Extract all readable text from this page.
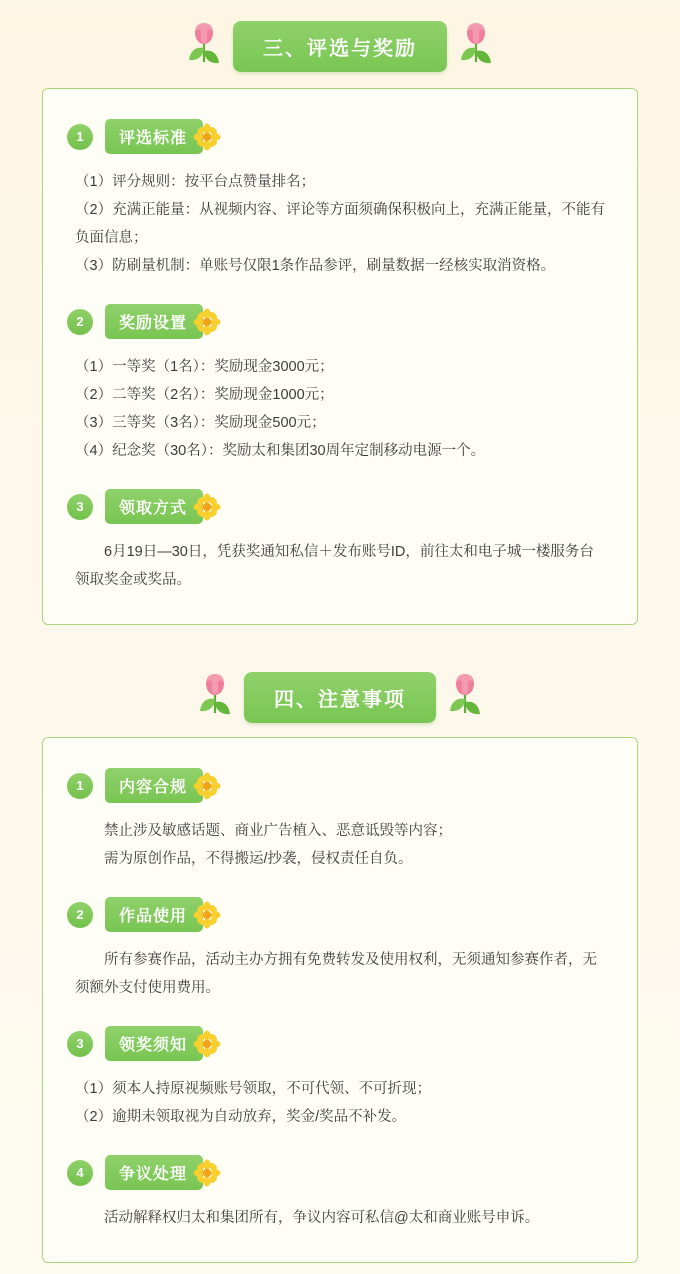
三、评选与奖励
1	评选标准

（1）评分规则：按平台点赞量排名；

（2）充满正能量：从视频内容、评论等方面须确保积极向上，充满正能量，不能有负面信息；

（3）防刷量机制：单账号仅限1条作品参评，刷量数据一经核实取消资格。

2	奖励设置

（1）一等奖（1名）：奖励现金3000元；

（2）二等奖（2名）：奖励现金1000元；

（3）三等奖（3名）：奖励现金500元；

（4）纪念奖（30名）：奖励太和集团30周年定制移动电源一个。

3	领取方式

6月19日—30日，凭获奖通知私信＋发布账号ID，前往太和电子城一楼服务台领取奖金或奖品。

四、注意事项
1	内容合规

禁止涉及敏感话题、商业广告植入、恶意诋毁等内容；

需为原创作品，不得搬运/抄袭，侵权责任自负。

2	作品使用

所有参赛作品，活动主办方拥有免费转发及使用权利，无须通知参赛作者，无须额外支付使用费用。

3	领奖须知

（1）须本人持原视频账号领取，不可代领、不可折现；

（2）逾期未领取视为自动放弃，奖金/奖品不补发。

4	争议处理

活动解释权归太和集团所有，争议内容可私信@太和商业账号申诉。
